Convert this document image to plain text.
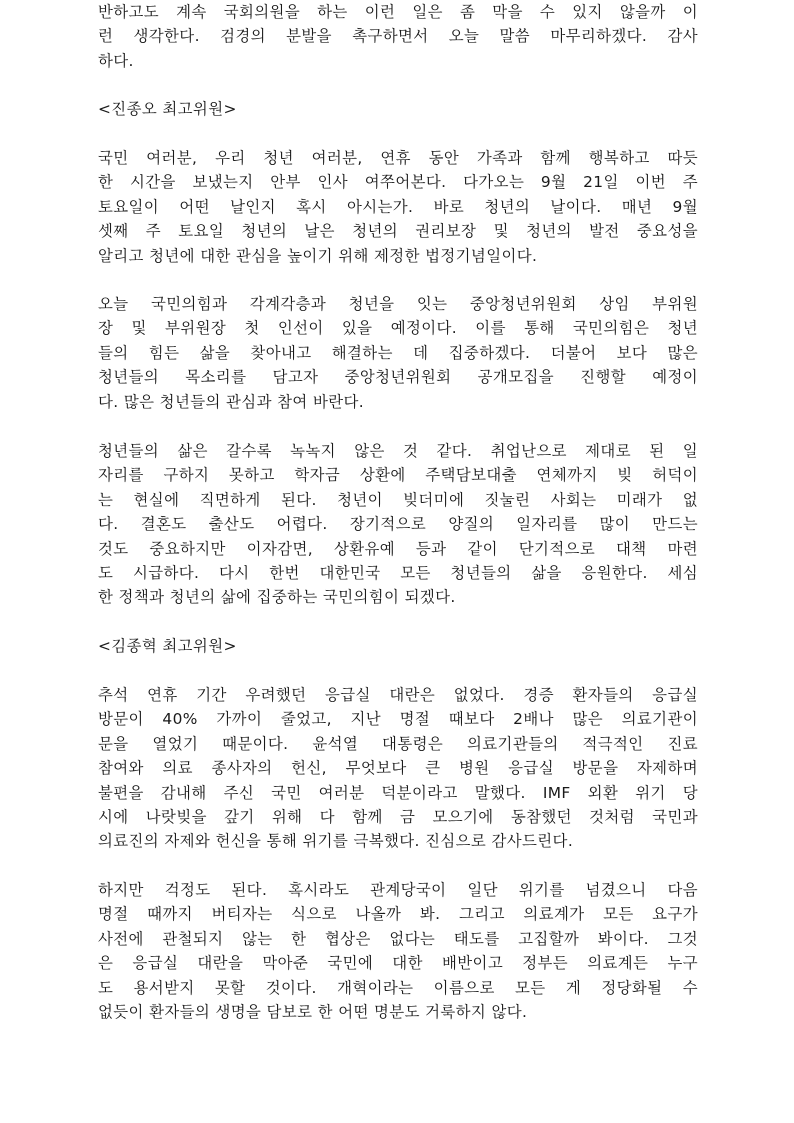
반하고도 계속 국회의원을 하는 이런 일은 좀 막을 수 있지 않을까 이
런 생각한다. 검경의 분발을 촉구하면서 오늘 말씀 마무리하겠다. 감사
하다.
<진종오 최고위원>
국민 여러분, 우리 청년 여러분, 연휴 동안 가족과 함께 행복하고 따듯
한 시간을 보냈는지 안부 인사 여쭈어본다. 다가오는 9월 21일 이번 주
토요일이 어떤 날인지 혹시 아시는가. 바로 청년의 날이다. 매년 9월
셋째 주 토요일 청년의 날은 청년의 권리보장 및 청년의 발전 중요성을
알리고 청년에 대한 관심을 높이기 위해 제정한 법정기념일이다.
오늘 국민의힘과 각계각층과 청년을 잇는 중앙청년위원회 상임 부위원
장 및 부위원장 첫 인선이 있을 예정이다. 이를 통해 국민의힘은 청년
들의 힘든 삶을 찾아내고 해결하는 데 집중하겠다. 더불어 보다 많은
청년들의 목소리를 담고자 중앙청년위원회 공개모집을 진행할 예정이
다. 많은 청년들의 관심과 참여 바란다.
청년들의 삶은 갈수록 녹녹지 않은 것 같다. 취업난으로 제대로 된 일
자리를 구하지 못하고 학자금 상환에 주택담보대출 연체까지 빚 허덕이
는 현실에 직면하게 된다. 청년이 빚더미에 짓눌린 사회는 미래가 없
다. 결혼도 출산도 어렵다. 장기적으로 양질의 일자리를 많이 만드는
것도 중요하지만 이자감면, 상환유예 등과 같이 단기적으로 대책 마련
도 시급하다. 다시 한번 대한민국 모든 청년들의 삶을 응원한다. 세심
한 정책과 청년의 삶에 집중하는 국민의힘이 되겠다.
<김종혁 최고위원>
추석 연휴 기간 우려했던 응급실 대란은 없었다. 경증 환자들의 응급실
방문이 40% 가까이 줄었고, 지난 명절 때보다 2배나 많은 의료기관이
문을 열었기 때문이다. 윤석열 대통령은 의료기관들의 적극적인 진료
참여와 의료 종사자의 헌신, 무엇보다 큰 병원 응급실 방문을 자제하며
불편을 감내해 주신 국민 여러분 덕분이라고 말했다. IMF 외환 위기 당
시에 나랏빚을 갚기 위해 다 함께 금 모으기에 동참했던 것처럼 국민과
의료진의 자제와 헌신을 통해 위기를 극복했다. 진심으로 감사드린다.
하지만 걱정도 된다. 혹시라도 관계당국이 일단 위기를 넘겼으니 다음
명절 때까지 버티자는 식으로 나올까 봐. 그리고 의료계가 모든 요구가
사전에 관철되지 않는 한 협상은 없다는 태도를 고집할까 봐이다. 그것
은 응급실 대란을 막아준 국민에 대한 배반이고 정부든 의료계든 누구
도 용서받지 못할 것이다. 개혁이라는 이름으로 모든 게 정당화될 수
없듯이 환자들의 생명을 담보로 한 어떤 명분도 거룩하지 않다.
